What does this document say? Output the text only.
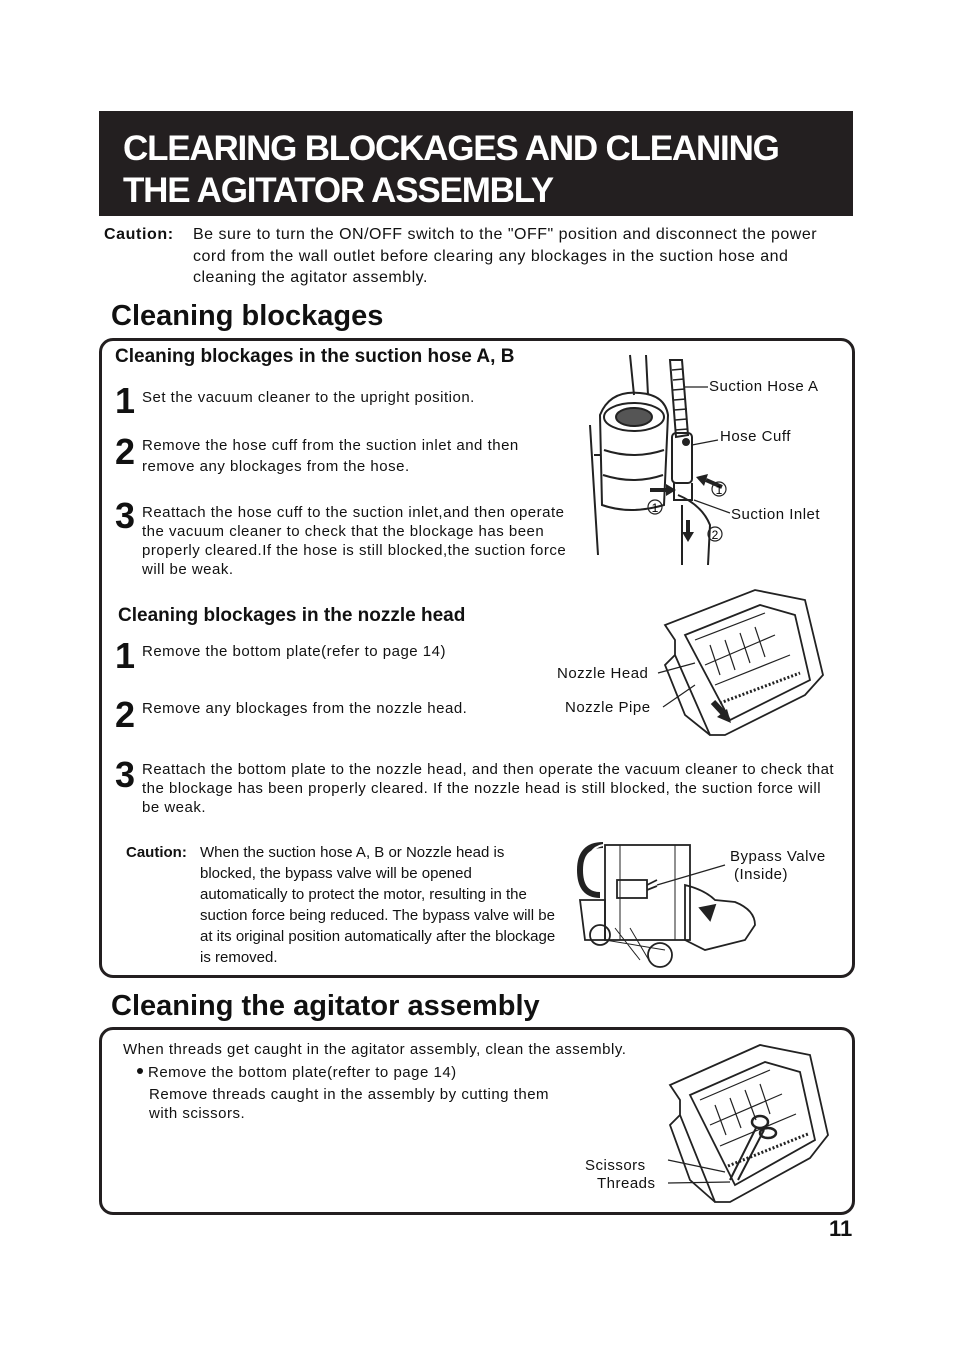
CLEARING BLOCKAGES AND CLEANING
THE AGITATOR ASSEMBLY
Caution: Be sure to turn the ON/OFF switch to the "OFF" position and disconnect the power cord from the wall outlet before clearing any blockages in the suction hose and cleaning the agitator assembly.
Cleaning blockages
Cleaning blockages in the suction hose A, B
1 Set the vacuum cleaner to the upright position.
2 Remove the hose cuff from the suction inlet and then remove any blockages from the hose.
3 Reattach the hose cuff to the suction inlet,and then operate the vacuum cleaner to check that the blockage has been properly cleared.If the hose is still blocked,the suction force will be weak.
1
1
2
Suction Hose A
Hose Cuff
Suction Inlet
Cleaning blockages in the nozzle head
1 Remove the bottom plate(refer to page 14)
2 Remove any blockages from the nozzle head.
3 Reattach the bottom plate to the nozzle head, and then operate the vacuum cleaner to check that the blockage has been properly cleared. If the nozzle head is still blocked, the suction force will be weak.
Nozzle Head
Nozzle Pipe
Caution: When the suction hose A, B or Nozzle head is blocked, the bypass valve will be opened automatically to protect the motor, resulting in the suction force being reduced. The bypass valve will be at its original position automatically after the blockage is removed.
Bypass Valve
(Inside)
Cleaning the agitator assembly
When threads get caught in the agitator assembly, clean the assembly.
Remove the bottom plate(refter to page 14)
Remove threads caught in the assembly by cutting them with scissors.
Scissors
Threads
11
